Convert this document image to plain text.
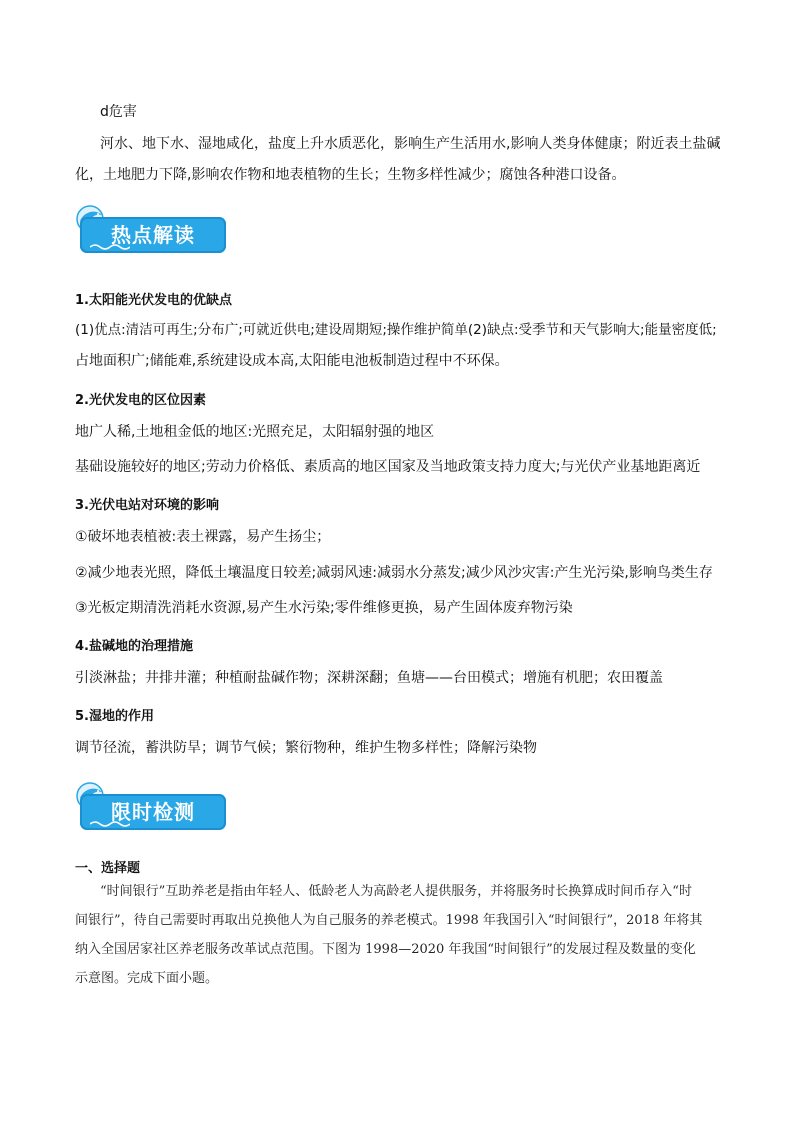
d危害
河水、地下水、湿地咸化，盐度上升水质恶化，影响生产生活用水,影响人类身体健康；附近表土盐碱
化，土地肥力下降,影响农作物和地表植物的生长；生物多样性减少；腐蚀各种港口设备。
热点解读
1.太阳能光伏发电的优缺点
(1)优点:清洁可再生;分布广;可就近供电;建设周期短;操作维护简单(2)缺点:受季节和天气影响大;能量密度低;
占地面积广;储能难,系统建设成本高,太阳能电池板制造过程中不环保。
2.光伏发电的区位因素
地广人稀,土地租金低的地区:光照充足，太阳辐射强的地区
基础设施较好的地区;劳动力价格低、素质高的地区国家及当地政策支持力度大;与光伏产业基地距离近
3.光伏电站对环境的影响
①破坏地表植被:表土裸露，易产生扬尘；
②减少地表光照，降低土壤温度日较差;减弱风速:减弱水分蒸发;减少风沙灾害:产生光污染,影响鸟类生存
③光板定期清洗消耗水资源,易产生水污染;零件维修更换，易产生固体废弃物污染
4.盐碱地的治理措施
引淡淋盐；井排井灌；种植耐盐碱作物；深耕深翻；鱼塘——台田模式；增施有机肥；农田覆盖
5.湿地的作用
调节径流，蓄洪防旱；调节气候；繁衍物种，维护生物多样性；降解污染物
限时检测
一、选择题
“时间银行”互助养老是指由年轻人、低龄老人为高龄老人提供服务，并将服务时长换算成时间币存入“时
间银行”，待自己需要时再取出兑换他人为自己服务的养老模式。1998 年我国引入“时间银行”，2018 年将其
纳入全国居家社区养老服务改革试点范围。下图为 1998—2020 年我国“时间银行”的发展过程及数量的变化
示意图。完成下面小题。
